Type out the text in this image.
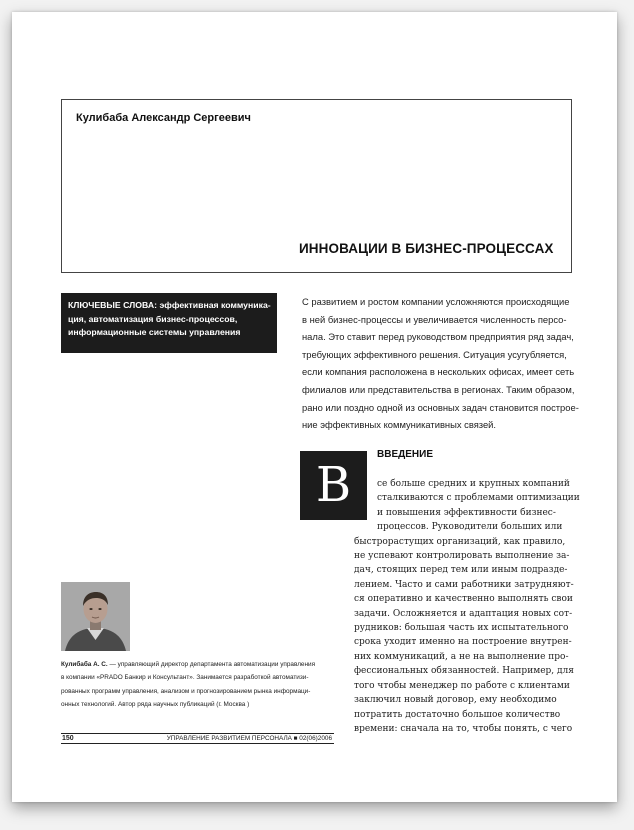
Кулибаба Александр Сергеевич
ИННОВАЦИИ В БИЗНЕС-ПРОЦЕССАХ
КЛЮЧЕВЫЕ СЛОВА: эффективная коммуника-
ция, автоматизация бизнес-процессов,
информационные системы управления
С развитием и ростом компании усложняются происходящие
в ней бизнес-процессы и увеличивается численность персо-
нала. Это ставит перед руководством предприятия ряд задач,
требующих эффективного решения. Ситуация усугубляется,
если компания расположена в нескольких офисах, имеет сеть
филиалов или представительства в регионах. Таким образом,
рано или поздно одной из основных задач становится построе-
ние эффективных коммуникативных связей.
В
ВВЕДЕНИЕ
се больше средних и крупных компаний
сталкиваются с проблемами оптимизации
и повышения эффективности бизнес-
процессов. Руководители больших или
быстрорастущих организаций, как правило,
не успевают контролировать выполнение за-
дач, стоящих перед тем или иным подразде-
лением. Часто и сами работники затрудняют-
ся оперативно и качественно выполнять свои
задачи. Осложняется и адаптация новых сот-
рудников: большая часть их испытательного
срока уходит именно на построение внутрен-
них коммуникаций, а не на выполнение про-
фессиональных обязанностей. Например, для
того чтобы менеджер по работе с клиентами
заключил новый договор, ему необходимо
потратить достаточно большое количество
времени: сначала на то, чтобы понять, с чего
Кулибаба А. С. — управляющий директор департамента автоматизации управления
в компании «PRADO Банкир и Консультант». Занимается разработкой автоматизи-
рованных программ управления, анализом и прогнозированием рынка информаци-
онных технологий. Автор ряда научных публикаций (г. Москва )
150	УПРАВЛЕНИЕ РАЗВИТИЕМ ПЕРСОНАЛА ■ 02(06)2006
